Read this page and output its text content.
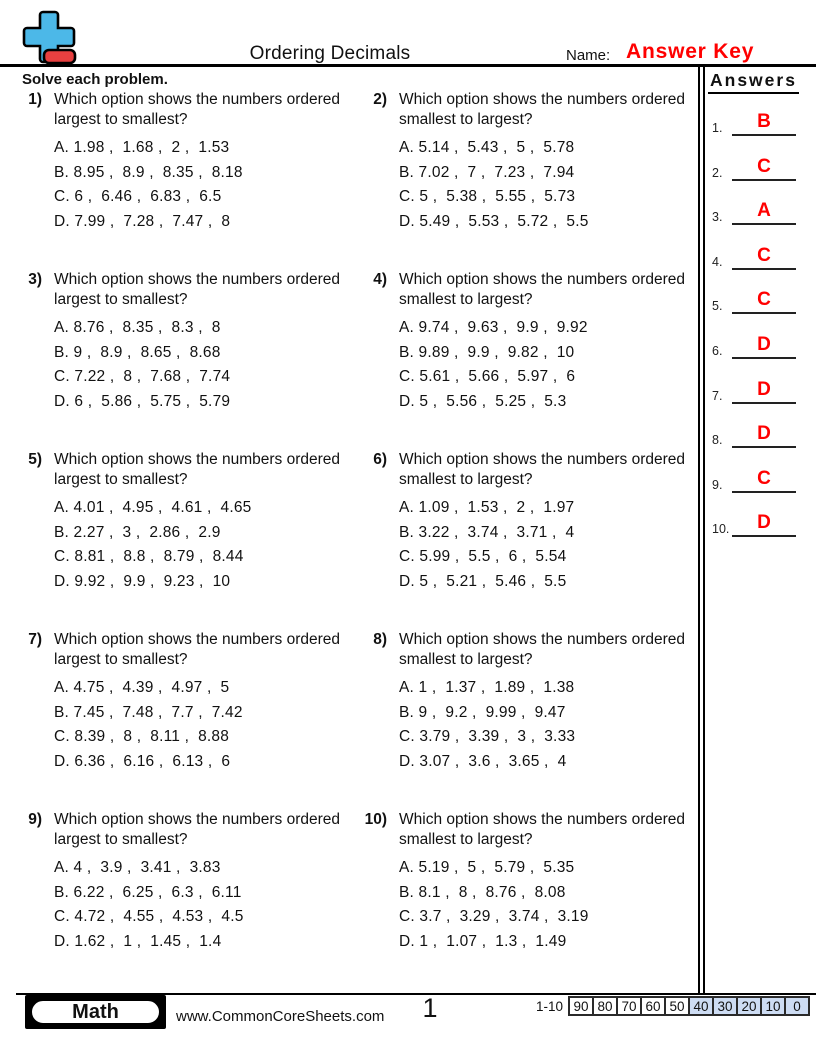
Ordering Decimals	Name: Answer Key
Solve each problem.
1) Which option shows the numbers ordered largest to smallest?
A. 1.98 ,  1.68 ,  2 ,  1.53
B. 8.95 ,  8.9 ,  8.35 ,  8.18
C. 6 ,  6.46 ,  6.83 ,  6.5
D. 7.99 ,  7.28 ,  7.47 ,  8
2) Which option shows the numbers ordered smallest to largest?
A. 5.14 ,  5.43 ,  5 ,  5.78
B. 7.02 ,  7 ,  7.23 ,  7.94
C. 5 ,  5.38 ,  5.55 ,  5.73
D. 5.49 ,  5.53 ,  5.72 ,  5.5
3) Which option shows the numbers ordered largest to smallest?
A. 8.76 ,  8.35 ,  8.3 ,  8
B. 9 ,  8.9 ,  8.65 ,  8.68
C. 7.22 ,  8 ,  7.68 ,  7.74
D. 6 ,  5.86 ,  5.75 ,  5.79
4) Which option shows the numbers ordered smallest to largest?
A. 9.74 ,  9.63 ,  9.9 ,  9.92
B. 9.89 ,  9.9 ,  9.82 ,  10
C. 5.61 ,  5.66 ,  5.97 ,  6
D. 5 ,  5.56 ,  5.25 ,  5.3
5) Which option shows the numbers ordered largest to smallest?
A. 4.01 ,  4.95 ,  4.61 ,  4.65
B. 2.27 ,  3 ,  2.86 ,  2.9
C. 8.81 ,  8.8 ,  8.79 ,  8.44
D. 9.92 ,  9.9 ,  9.23 ,  10
6) Which option shows the numbers ordered smallest to largest?
A. 1.09 ,  1.53 ,  2 ,  1.97
B. 3.22 ,  3.74 ,  3.71 ,  4
C. 5.99 ,  5.5 ,  6 ,  5.54
D. 5 ,  5.21 ,  5.46 ,  5.5
7) Which option shows the numbers ordered largest to smallest?
A. 4.75 ,  4.39 ,  4.97 ,  5
B. 7.45 ,  7.48 ,  7.7 ,  7.42
C. 8.39 ,  8 ,  8.11 ,  8.88
D. 6.36 ,  6.16 ,  6.13 ,  6
8) Which option shows the numbers ordered smallest to largest?
A. 1 ,  1.37 ,  1.89 ,  1.38
B. 9 ,  9.2 ,  9.99 ,  9.47
C. 3.79 ,  3.39 ,  3 ,  3.33
D. 3.07 ,  3.6 ,  3.65 ,  4
9) Which option shows the numbers ordered largest to smallest?
A. 4 ,  3.9 ,  3.41 ,  3.83
B. 6.22 ,  6.25 ,  6.3 ,  6.11
C. 4.72 ,  4.55 ,  4.53 ,  4.5
D. 1.62 ,  1 ,  1.45 ,  1.4
10) Which option shows the numbers ordered smallest to largest?
A. 5.19 ,  5 ,  5.79 ,  5.35
B. 8.1 ,  8 ,  8.76 ,  8.08
C. 3.7 ,  3.29 ,  3.74 ,  3.19
D. 1 ,  1.07 ,  1.3 ,  1.49
Answers
1.	B
2.	C
3.	A
4.	C
5.	C
6.	D
7.	D
8.	D
9.	C
10.	D
Math	www.CommonCoreSheets.com	1	1-10 90 80 70 60 50 40 30 20 10 0
